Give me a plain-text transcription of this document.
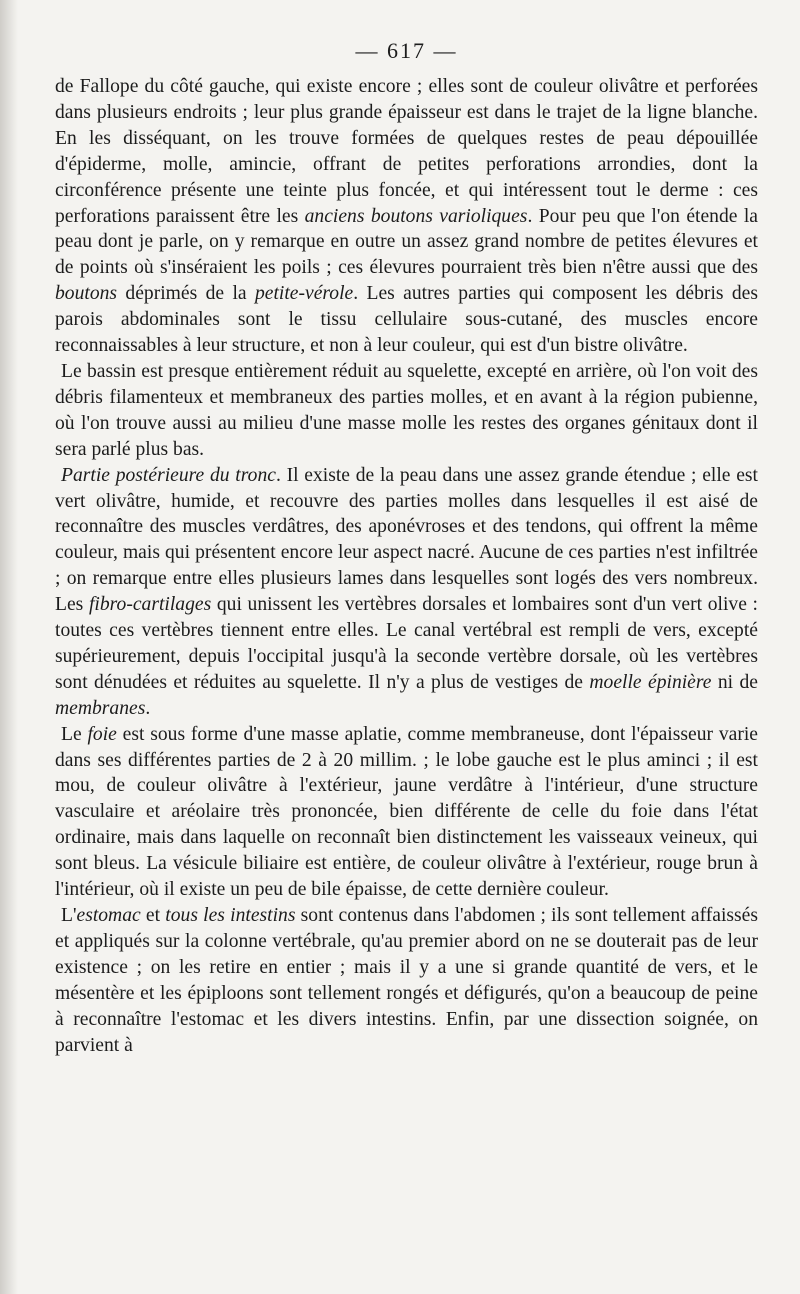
— 617 —

de Fallope du côté gauche, qui existe encore ; elles sont de couleur olivâtre et perforées dans plusieurs endroits ; leur plus grande épaisseur est dans le trajet de la ligne blanche. En les disséquant, on les trouve formées de quelques restes de peau dépouillée d'épiderme, molle, amincie, offrant de petites perforations arrondies, dont la circonférence présente une teinte plus foncée, et qui intéressent tout le derme : ces perforations paraissent être les anciens boutons varioliques. Pour peu que l'on étende la peau dont je parle, on y remarque en outre un assez grand nombre de petites élevures et de points où s'inséraient les poils ; ces élevures pourraient très bien n'être aussi que des boutons déprimés de la petite-vérole. Les autres parties qui composent les débris des parois abdominales sont le tissu cellulaire sous-cutané, des muscles encore reconnaissables à leur structure, et non à leur couleur, qui est d'un bistre olivâtre.

Le bassin est presque entièrement réduit au squelette, excepté en arrière, où l'on voit des débris filamenteux et membraneux des parties molles, et en avant à la région pubienne, où l'on trouve aussi au milieu d'une masse molle les restes des organes génitaux dont il sera parlé plus bas.

Partie postérieure du tronc. Il existe de la peau dans une assez grande étendue ; elle est vert olivâtre, humide, et recouvre des parties molles dans lesquelles il est aisé de reconnaître des muscles verdâtres, des aponévroses et des tendons, qui offrent la même couleur, mais qui présentent encore leur aspect nacré. Aucune de ces parties n'est infiltrée ; on remarque entre elles plusieurs lames dans lesquelles sont logés des vers nombreux. Les fibro-cartilages qui unissent les vertèbres dorsales et lombaires sont d'un vert olive : toutes ces vertèbres tiennent entre elles. Le canal vertébral est rempli de vers, excepté supérieurement, depuis l'occipital jusqu'à la seconde vertèbre dorsale, où les vertèbres sont dénudées et réduites au squelette. Il n'y a plus de vestiges de moelle épinière ni de membranes.

Le foie est sous forme d'une masse aplatie, comme membraneuse, dont l'épaisseur varie dans ses différentes parties de 2 à 20 millim. ; le lobe gauche est le plus aminci ; il est mou, de couleur olivâtre à l'extérieur, jaune verdâtre à l'intérieur, d'une structure vasculaire et aréolaire très prononcée, bien différente de celle du foie dans l'état ordinaire, mais dans laquelle on reconnaît bien distinctement les vaisseaux veineux, qui sont bleus. La vésicule biliaire est entière, de couleur olivâtre à l'extérieur, rouge brun à l'intérieur, où il existe un peu de bile épaisse, de cette dernière couleur.

L'estomac et tous les intestins sont contenus dans l'abdomen ; ils sont tellement affaissés et appliqués sur la colonne vertébrale, qu'au premier abord on ne se douterait pas de leur existence ; on les retire en entier ; mais il y a une si grande quantité de vers, et le mésentère et les épiploons sont tellement rongés et défigurés, qu'on a beaucoup de peine à reconnaître l'estomac et les divers intestins. Enfin, par une dissection soignée, on parvient à
